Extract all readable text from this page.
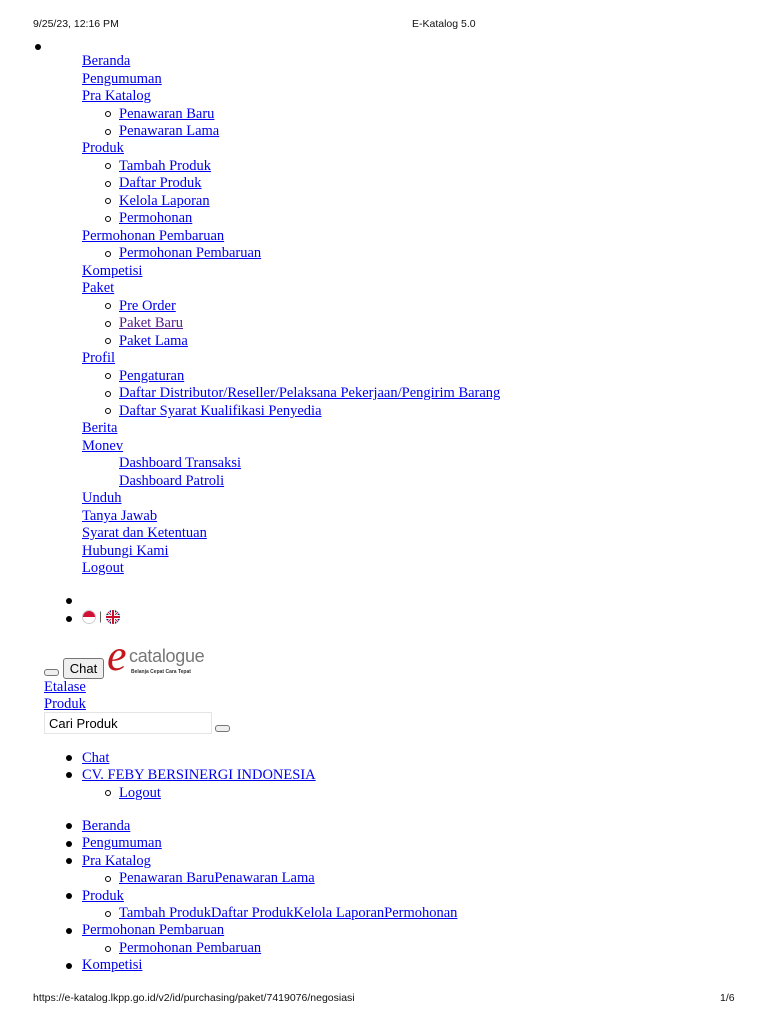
9/25/23, 12:16 PM	E-Katalog 5.0
https://e-katalog.lkpp.go.id/v2/id/purchasing/paket/7419076/negosiasi	1/6
Beranda
Pengumuman
Pra Katalog
Penawaran Baru
Penawaran Lama
Produk
Tambah Produk
Daftar Produk
Kelola Laporan
Permohonan
Permohonan Pembaruan
Permohonan Pembaruan
Kompetisi
Paket
Pre Order
Paket Baru
Paket Lama
Profil
Pengaturan
Daftar Distributor/Reseller/Pelaksana Pekerjaan/Pengirim Barang
Daftar Syarat Kualifikasi Penyedia
Berita
Monev
Dashboard Transaksi
Dashboard Patroli
Unduh
Tanya Jawab
Syarat dan Ketentuan
Hubungi Kami
Logout
|
Chat e catalogue
Belanja Cepat Cara Tepat
Etalase
Produk
Cari Produk
Chat
CV. FEBY BERSINERGI INDONESIA
Logout
Beranda
Pengumuman
Pra Katalog
Penawaran BaruPenawaran Lama
Produk
Tambah ProdukDaftar ProdukKelola LaporanPermohonan
Permohonan Pembaruan
Permohonan Pembaruan
Kompetisi
